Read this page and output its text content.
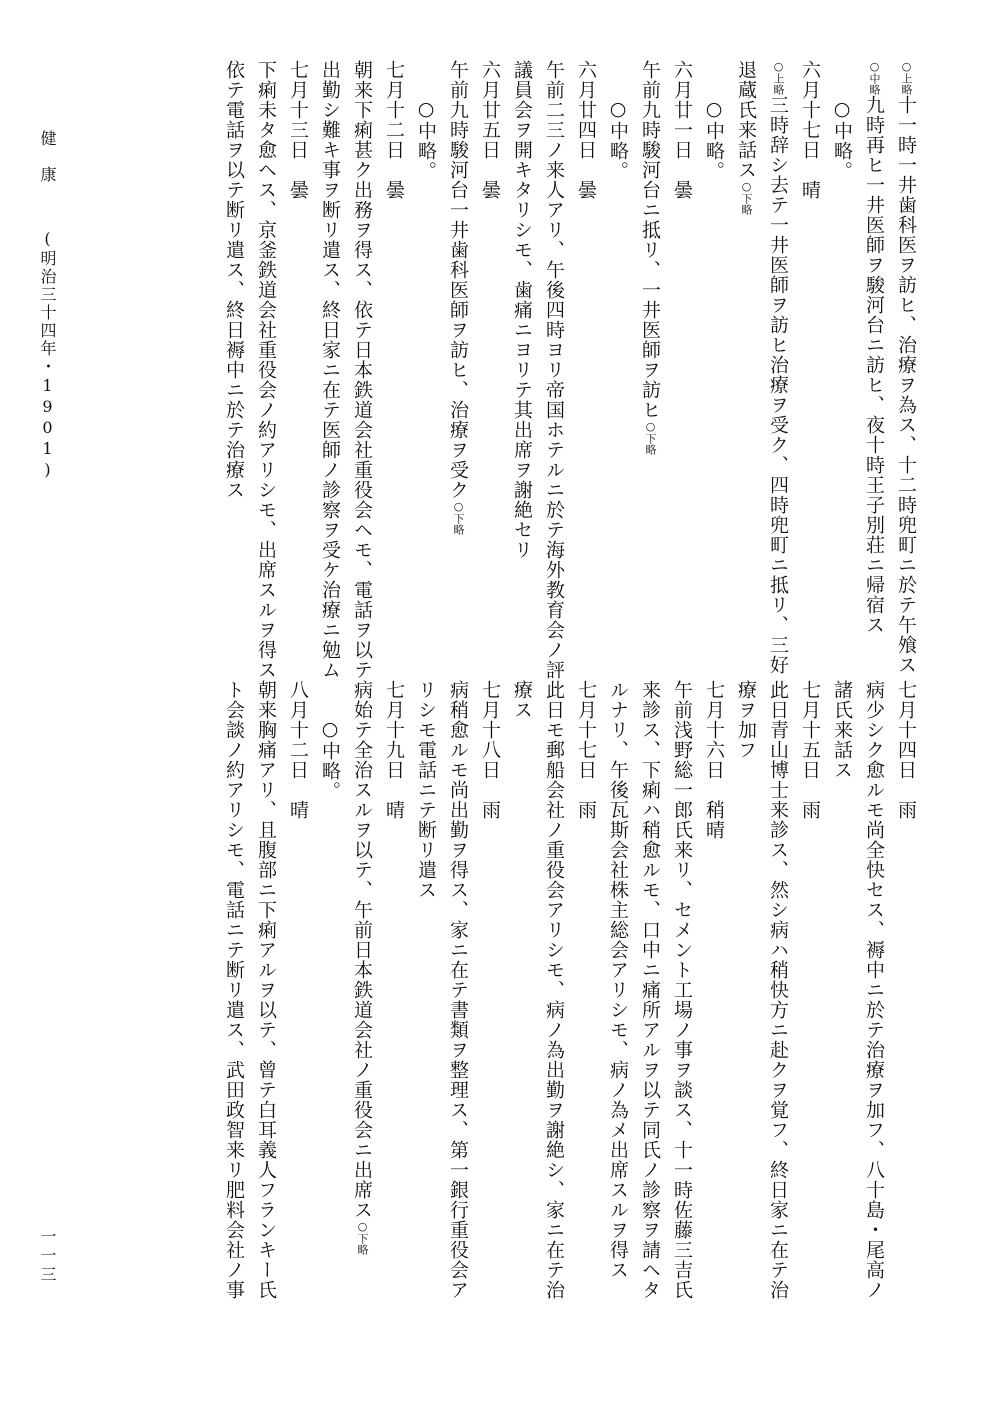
○上略十一時一井歯科医ヲ訪ヒ、治療ヲ為ス、十二時兜町ニ於テ午飧ス
○中略九時再ヒ一井医師ヲ駿河台ニ訪ヒ、夜十時王子別荘ニ帰宿ス
○中略。
六月十七日　晴
○上略三時辞シ去テ一井医師ヲ訪ヒ治療ヲ受ク、四時兜町ニ抵リ、三好
退蔵氏来話ス○下略
○中略。
六月廿一日　曇
午前九時駿河台ニ抵リ、一井医師ヲ訪ヒ○下略
○中略。
六月廿四日　曇
午前二三ノ来人アリ、午後四時ヨリ帝国ホテルニ於テ海外教育会ノ評
議員会ヲ開キタリシモ、歯痛ニヨリテ其出席ヲ謝絶セリ
六月廿五日　曇
午前九時駿河台一井歯科医師ヲ訪ヒ、治療ヲ受ク○下略
○中略。
七月十二日　曇
朝来下痢甚ク出務ヲ得ス、依テ日本鉄道会社重役会ヘモ、電話ヲ以テ
出勤シ難キ事ヲ断リ遣ス、終日家ニ在テ医師ノ診察ヲ受ケ治療ニ勉ム
七月十三日　曇
下痢未タ愈ヘス、京釜鉄道会社重役会ノ約アリシモ、出席スルヲ得ス
依テ電話ヲ以テ断リ遣ス、終日褥中ニ於テ治療ス
七月十四日　雨
病少シク愈ルモ尚全快セス、褥中ニ於テ治療ヲ加フ、八十島・尾高ノ
諸氏来話ス
七月十五日　雨
此日青山博士来診ス、然シ病ハ稍快方ニ赴クヲ覚フ、終日家ニ在テ治
療ヲ加フ
七月十六日　稍晴
午前浅野総一郎氏来リ、セメント工場ノ事ヲ談ス、十一時佐藤三吉氏
来診ス、下痢ハ稍愈ルモ、口中ニ痛所アルヲ以テ同氏ノ診察ヲ請ヘタ
ルナリ、午後瓦斯会社株主総会アリシモ、病ノ為メ出席スルヲ得ス
七月十七日　雨
此日モ郵船会社ノ重役会アリシモ、病ノ為出勤ヲ謝絶シ、家ニ在テ治
療ス
七月十八日　雨
病稍愈ルモ尚出勤ヲ得ス、家ニ在テ書類ヲ整理ス、第一銀行重役会ア
リシモ電話ニテ断リ遣ス
七月十九日　晴
病始テ全治スルヲ以テ、午前日本鉄道会社ノ重役会ニ出席ス○下略
○中略。
八月十二日　晴
朝来胸痛アリ、且腹部ニ下痢アルヲ以テ、曾テ白耳義人フランキー氏
ト会談ノ約アリシモ、電話ニテ断リ遣ス、武田政智来リ肥料会社ノ事
健　康 (明治三十四年・1901)
一一三
